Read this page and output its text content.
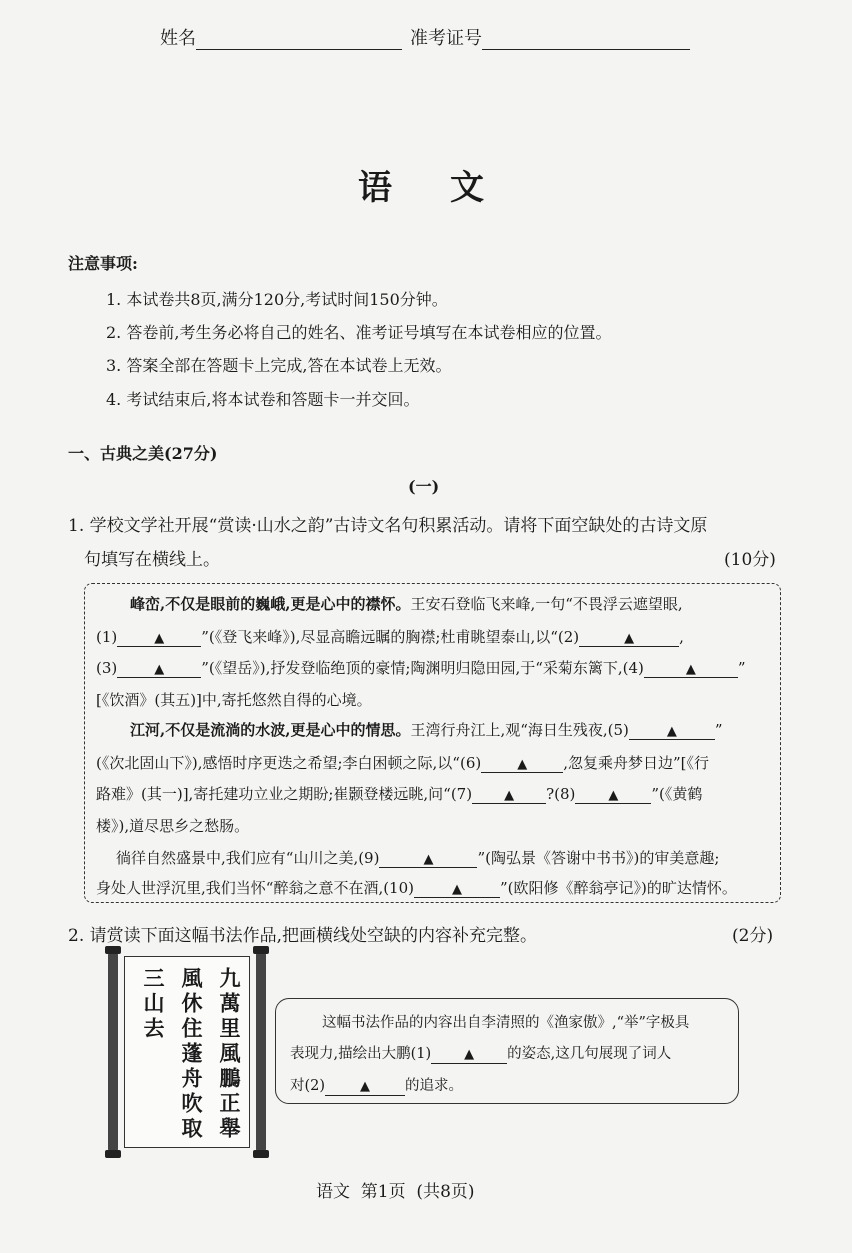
姓名	准考证号
语文
注意事项:
1. 本试卷共8页,满分120分,考试时间150分钟。
2. 答卷前,考生务必将自己的姓名、准考证号填写在本试卷相应的位置。
3. 答案全部在答题卡上完成,答在本试卷上无效。
4. 考试结束后,将本试卷和答题卡一并交回。
一、古典之美(27分)
(一)
1. 学校文学社开展“赏读·山水之韵”古诗文名句积累活动。请将下面空缺处的古诗文原
句填写在横线上。	(10分)
峰峦,不仅是眼前的巍峨,更是心中的襟怀。王安石登临飞来峰,一句“不畏浮云遮望眼,
(1)	▲ ”(《登飞来峰》),尽显高瞻远瞩的胸襟;杜甫眺望泰山,以“(2)	▲	,
(3)	▲ ”(《望岳》),抒发登临绝顶的豪情;陶渊明归隐田园,于“采菊东篱下,(4)	▲	”
[《饮酒》(其五)]中,寄托悠然自得的心境。
江河,不仅是流淌的水波,更是心中的情思。王湾行舟江上,观“海日生残夜,(5)	▲	”
(《次北固山下》),感悟时序更迭之希望;李白困顿之际,以“(6)	▲ ,忽复乘舟梦日边”[《行
路难》(其一)],寄托建功立业之期盼;崔颢登楼远眺,问“(7) ▲ ?(8)	▲ ”(《黄鹤
楼》),道尽思乡之愁肠。
徜徉自然盛景中,我们应有“山川之美,(9)	▲	”(陶弘景《答谢中书书》)的审美意趣;
身处人世浮沉里,我们当怀“醉翁之意不在酒,(10)	▲	”(欧阳修《醉翁亭记》)的旷达情怀。
2. 请赏读下面这幅书法作品,把画横线处空缺的内容补充完整。	(2分)
九萬里風鵬正舉
風休住蓬舟吹取
三山去	这幅书法作品的内容出自李清照的《渔家傲》,“举”字极具
表现力,描绘出大鹏(1)	▲ 的姿态,这几句展现了词人
对(2)	▲ 的追求。
语文  第1页  (共8页)
